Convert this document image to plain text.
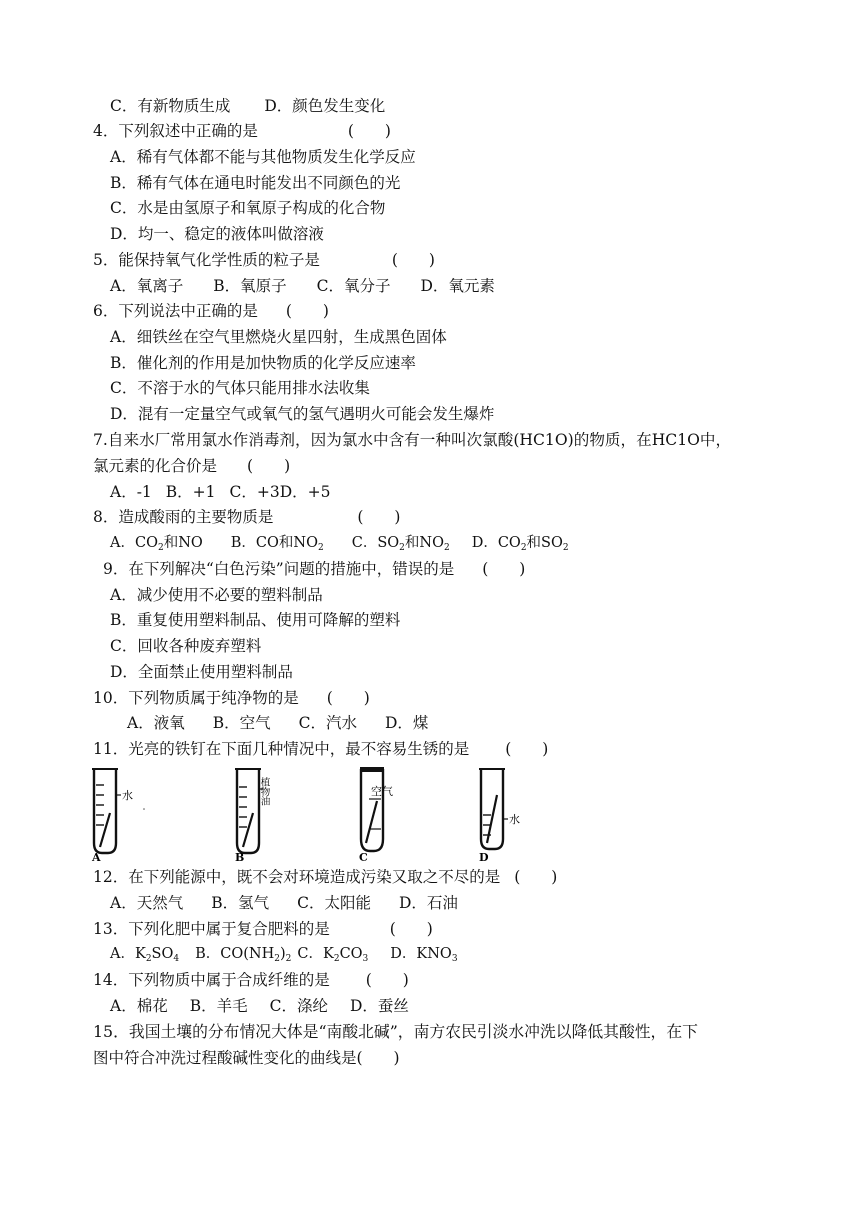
C．有新物质生成 D．颜色发生变化
4．下列叙述中正确的是	(　　)
A．稀有气体都不能与其他物质发生化学反应
B．稀有气体在通电时能发出不同颜色的光
C．水是由氢原子和氧原子构成的化合物
D．均一、稳定的液体叫做溶液
5．能保持氧气化学性质的粒子是	(　　)
A．氧离子 B．氧原子 C．氧分子 D．氧元素
6．下列说法中正确的是 (　　)
A．细铁丝在空气里燃烧火星四射，生成黑色固体
B．催化剂的作用是加快物质的化学反应速率
C．不溶于水的气体只能用排水法收集
D．混有一定量空气或氧气的氢气遇明火可能会发生爆炸
7.自来水厂常用氯水作消毒剂，因为氯水中含有一种叫次氯酸(HC1O)的物质，在HC1O中，
氯元素的化合价是 (　　)
A．-1 B．+1 C．+3D．+5
8．造成酸雨的主要物质是	(　　)
A．$CO_2$和NO B．CO和$NO_2$ C．$SO_2$和$NO_2$ D．$CO_2$和$SO_2$
9．在下列解决“白色污染”问题的措施中，错误的是 (　　)
A．减少使用不必要的塑料制品
B．重复使用塑料制品、使用可降解的塑料
C．回收各种废弃塑料
D．全面禁止使用塑料制品
10．下列物质属于纯净物的是 (　　)
A．液氧 B．空气 C．汽水 D．煤
11．光亮的铁钉在下面几种情况中，最不容易生锈的是 (　　)
水
A
植物油
B
空气
C
水
D
12．在下列能源中，既不会对环境造成污染又取之不尽的是 (　　)
A．天然气 B．氢气 C．太阳能 D．石油
13．下列化肥中属于复合肥料的是	(　　)
A．$K_2SO_4$ B．$CO(NH_2)_2$ C．$K_2CO_3$ D．$KNO_3$
14．下列物质中属于合成纤维的是 (　　)
A．棉花 B．羊毛 C．涤纶 D．蚕丝
15．我国土壤的分布情况大体是“南酸北碱”，南方农民引淡水冲洗以降低其酸性，在下
图中符合冲洗过程酸碱性变化的曲线是(　　)
